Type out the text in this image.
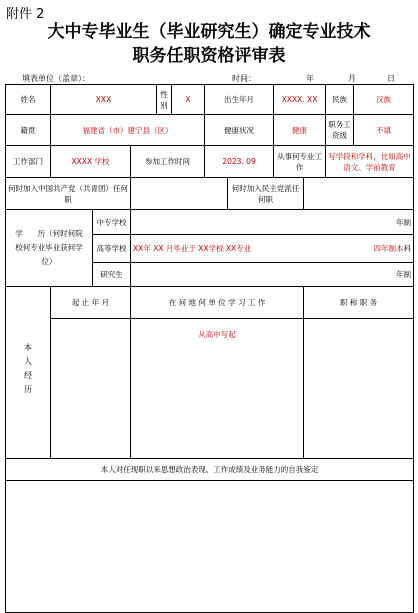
附件 2
大中专毕业生（毕业研究生）确定专业技术
职务任职资格评审表
填表单位（盖章）：	时间：	年	月	日
姓名	XXX			性别	X	出生年月		XXXX. XX		民族	汉族
籍贯	福建省（市）建宁县（区）					健康状况		健康		职务工资级	不填
工作部门	XXXX 学校		参加工作时间			2023. 09		从事何专业工作		写学段和学科，比如高中语文、学前教育	
何时加入中国共产党（共青团）任何职							何时加入民主党派任何职				
学　　历（何时何院校何专业毕业获何学位）		中专学校	年制								
		高等学校	XX年 XX 月毕业于 XX学校 XX专业 四年制本科								

		研究生	年制								
本人经历	起 止 年 月		在 何 地 何 单 位 学 习 工 作						职 称 职 务		
			从高中写起								
本人对任现职以来思想政治表现、工作成绩及业务能力的自我鉴定											
